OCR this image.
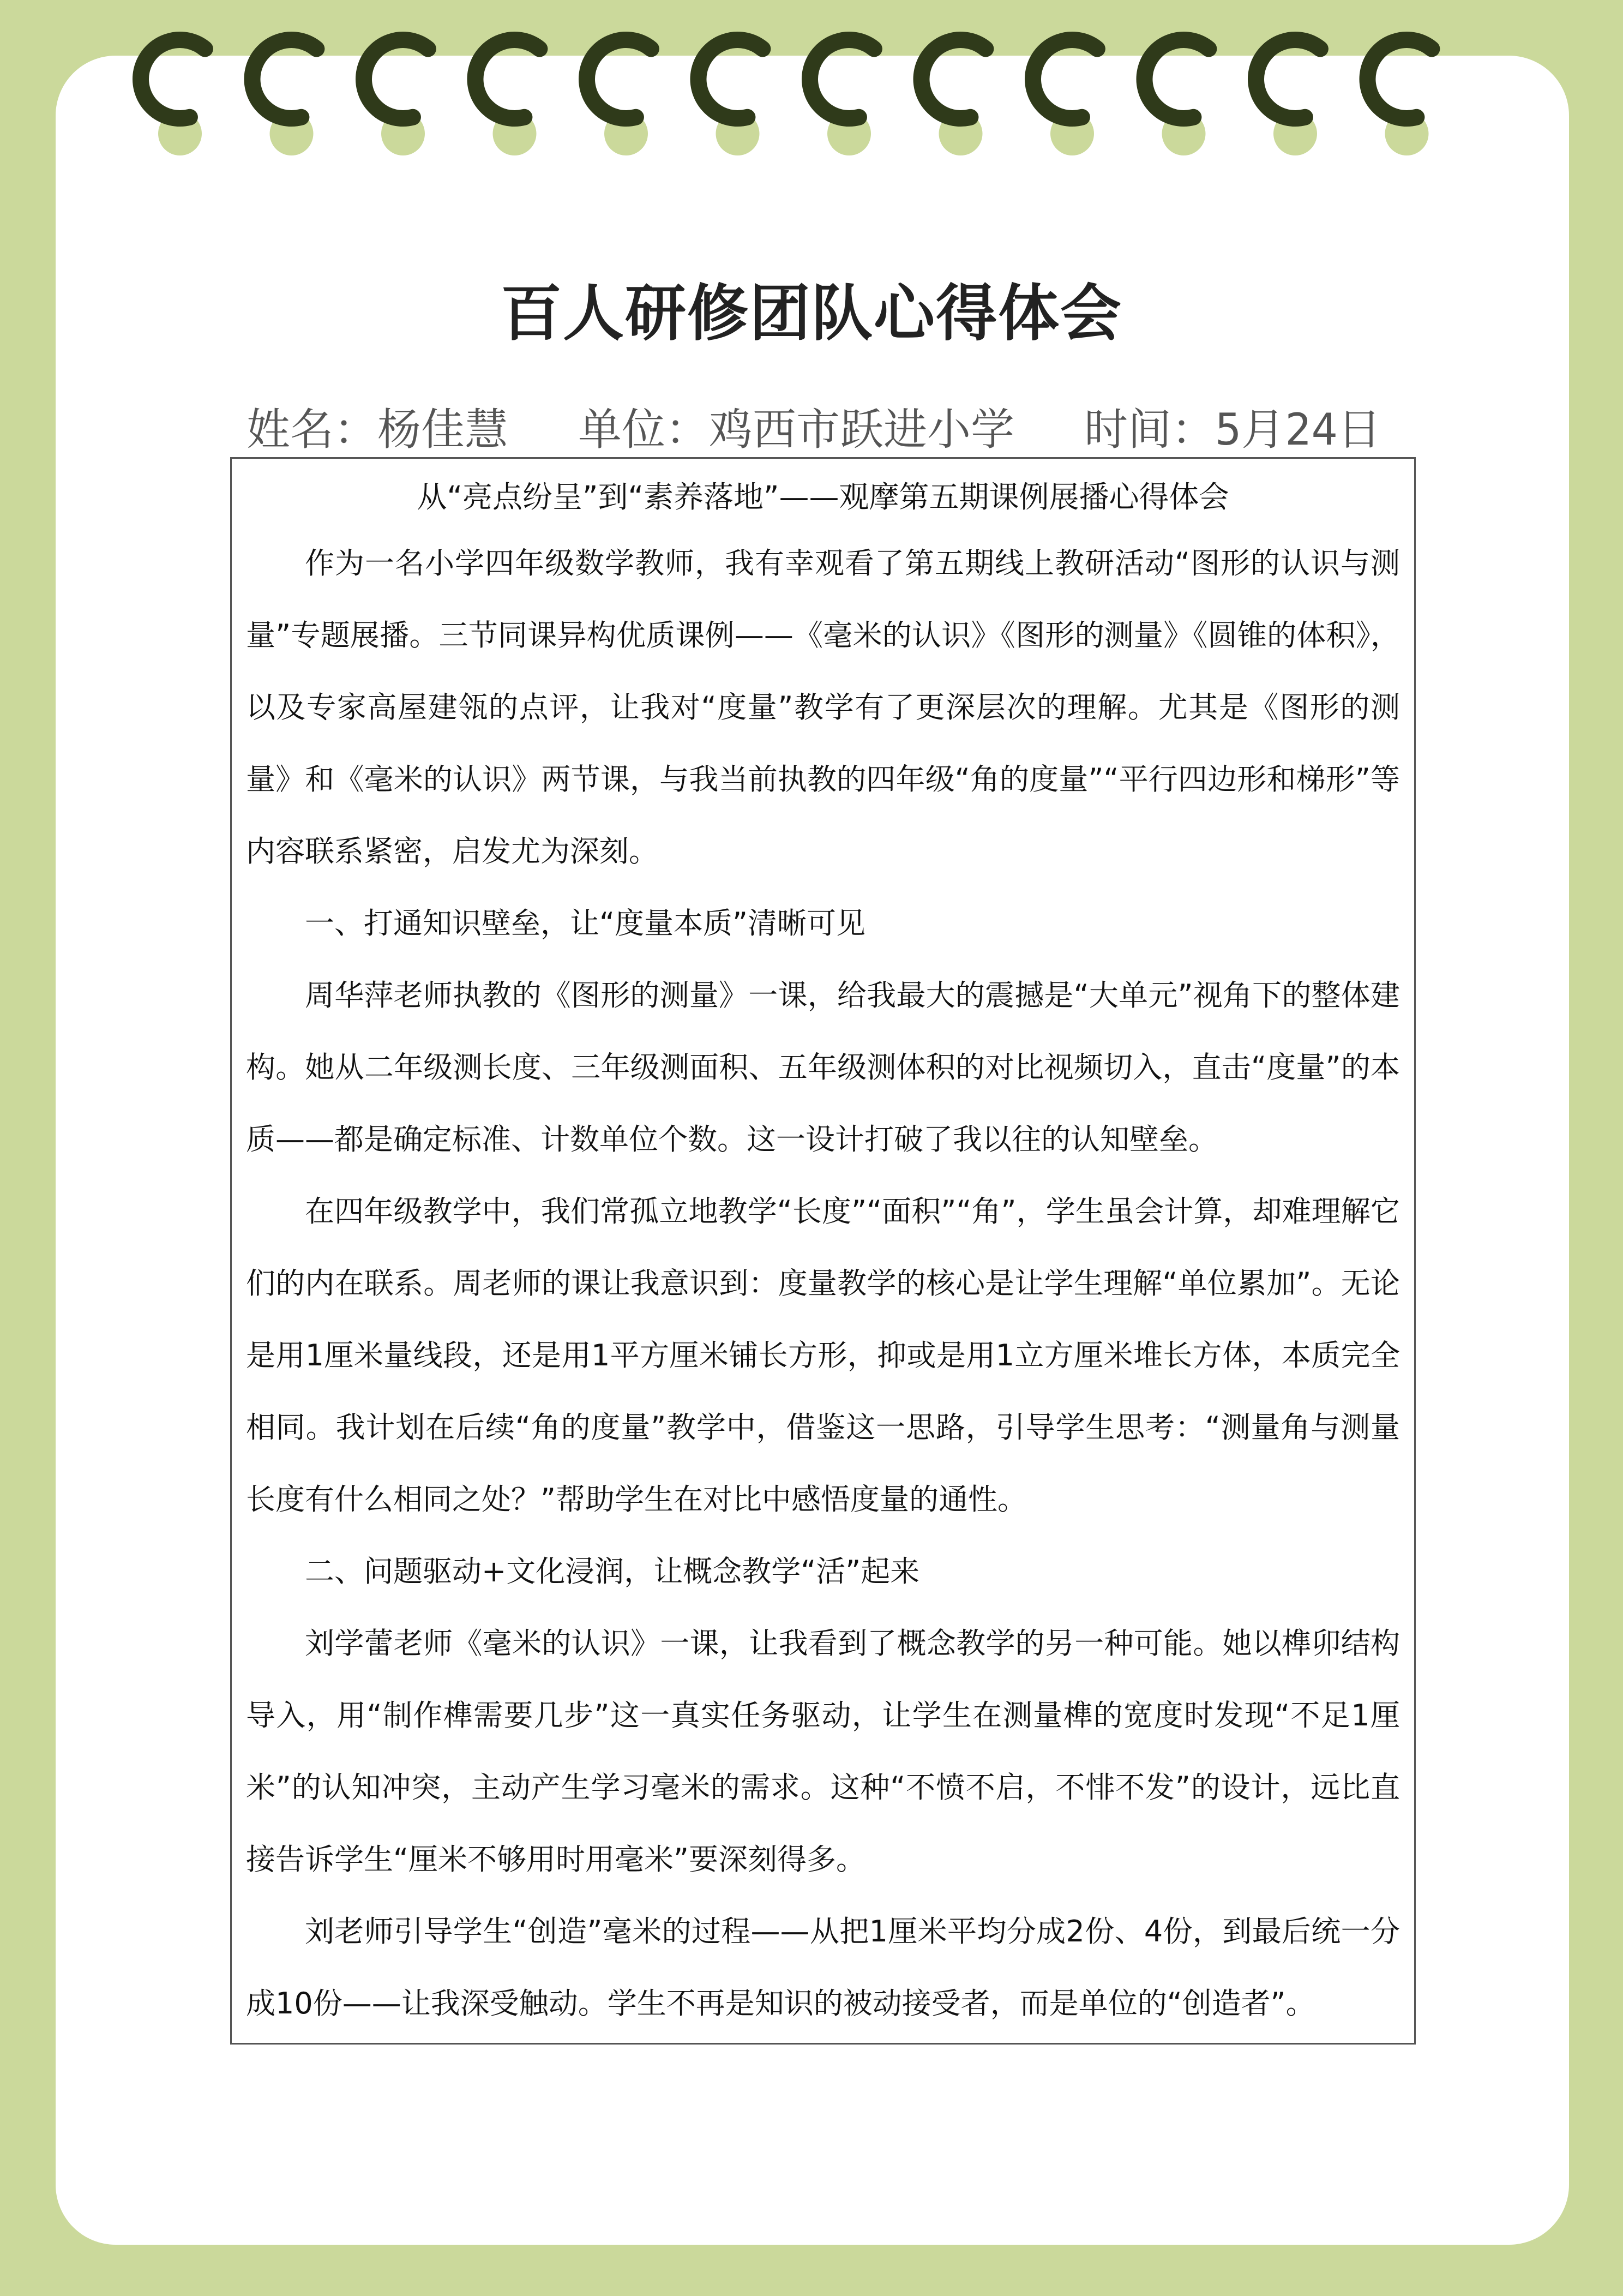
百人研修团队心得体会
姓名：杨佳慧 单位：鸡西市跃进小学 时间：5月24日

从“亮点纷呈”到“素养落地”——观摩第五期课例展播心得体会

作为一名小学四年级数学教师，我有幸观看了第五期线上教研活动“图形的认识与测量”专题展播。三节同课异构优质课例——《毫米的认识》《图形的测量》《圆锥的体积》，以及专家高屋建瓴的点评，让我对“度量”教学有了更深层次的理解。尤其是《图形的测量》和《毫米的认识》两节课，与我当前执教的四年级“角的度量”“平行四边形和梯形”等内容联系紧密，启发尤为深刻。

一、打通知识壁垒，让“度量本质”清晰可见

周华萍老师执教的《图形的测量》一课，给我最大的震撼是“大单元”视角下的整体建构。她从二年级测长度、三年级测面积、五年级测体积的对比视频切入，直击“度量”的本质——都是确定标准、计数单位个数。这一设计打破了我以往的认知壁垒。

在四年级教学中，我们常孤立地教学“长度”“面积”“角”，学生虽会计算，却难理解它们的内在联系。周老师的课让我意识到：度量教学的核心是让学生理解“单位累加”。无论是用1厘米量线段，还是用1平方厘米铺长方形，抑或是用1立方厘米堆长方体，本质完全相同。我计划在后续“角的度量”教学中，借鉴这一思路，引导学生思考：“测量角与测量长度有什么相同之处？”帮助学生在对比中感悟度量的通性。

二、问题驱动+文化浸润，让概念教学“活”起来

刘学蕾老师《毫米的认识》一课，让我看到了概念教学的另一种可能。她以榫卯结构导入，用“制作榫需要几步”这一真实任务驱动，让学生在测量榫的宽度时发现“不足1厘米”的认知冲突，主动产生学习毫米的需求。这种“不愤不启，不悱不发”的设计，远比直接告诉学生“厘米不够用时用毫米”要深刻得多。

刘老师引导学生“创造”毫米的过程——从把1厘米平均分成2份、4份，到最后统一分成10份——让我深受触动。学生不再是知识的被动接受者，而是单位的“创造者”。
